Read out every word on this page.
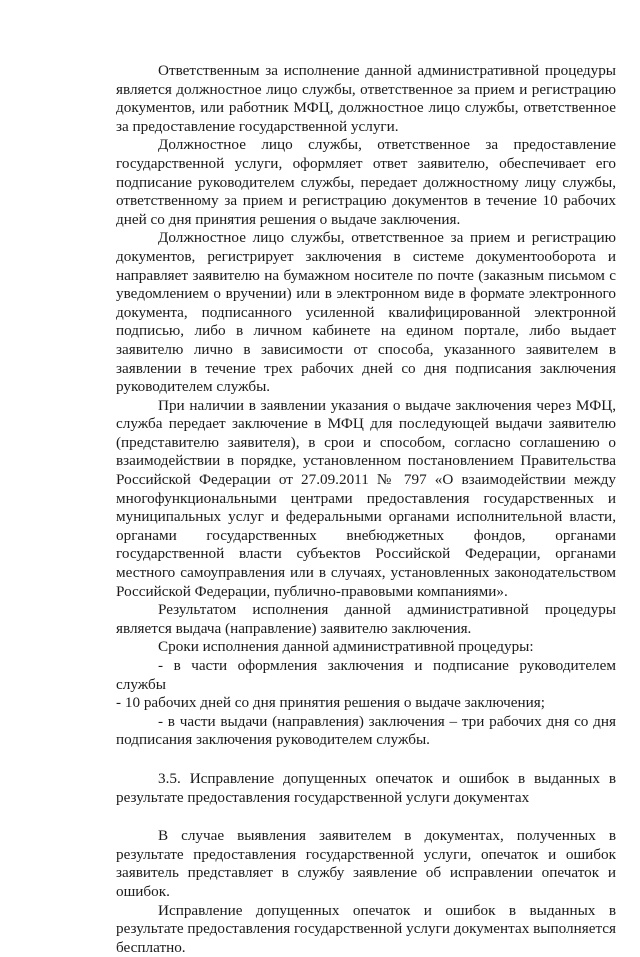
Ответственным за исполнение данной административной процедуры является должностное лицо службы, ответственное за прием и регистрацию документов, или работник МФЦ, должностное лицо службы, ответственное за предоставление государственной услуги.

Должностное лицо службы, ответственное за предоставление государственной услуги, оформляет ответ заявителю, обеспечивает его подписание руководителем службы, передает должностному лицу службы, ответственному за прием и регистрацию документов в течение 10 рабочих дней со дня принятия решения о выдаче заключения.

Должностное лицо службы, ответственное за прием и регистрацию документов, регистрирует заключения в системе документооборота и направляет заявителю на бумажном носителе по почте (заказным письмом с уведомлением о вручении) или в электронном виде в формате электронного документа, подписанного усиленной квалифицированной электронной подписью, либо в личном кабинете на едином портале, либо выдает заявителю лично в зависимости от способа, указанного заявителем в заявлении в течение трех рабочих дней со дня подписания заключения руководителем службы.

При наличии в заявлении указания о выдаче заключения через МФЦ, служба передает заключение в МФЦ для последующей выдачи заявителю (представителю заявителя), в срои и способом, согласно соглашению о взаимодействии в порядке, установленном постановлением Правительства Российской Федерации от 27.09.2011 № 797 «О взаимодействии между многофункциональными центрами предоставления государственных и муниципальных услуг и федеральными органами исполнительной власти, органами государственных внебюджетных фондов, органами государственной власти субъектов Российской Федерации, органами местного самоуправления или в случаях, установленных законодательством Российской Федерации, публично-правовыми компаниями».

Результатом исполнения данной административной процедуры является выдача (направление) заявителю заключения.

Сроки исполнения данной административной процедуры:

- в части оформления заключения и подписание руководителем службы

- 10 рабочих дней со дня принятия решения о выдаче заключения;

- в части выдачи (направления) заключения – три рабочих дня со дня подписания заключения руководителем службы.

3.5. Исправление допущенных опечаток и ошибок в выданных в результате предоставления государственной услуги документах

В случае выявления заявителем в документах, полученных в результате предоставления государственной услуги, опечаток и ошибок заявитель представляет в службу заявление об исправлении опечаток и ошибок.

Исправление допущенных опечаток и ошибок в выданных в результате предоставления государственной услуги документах выполняется бесплатно.
